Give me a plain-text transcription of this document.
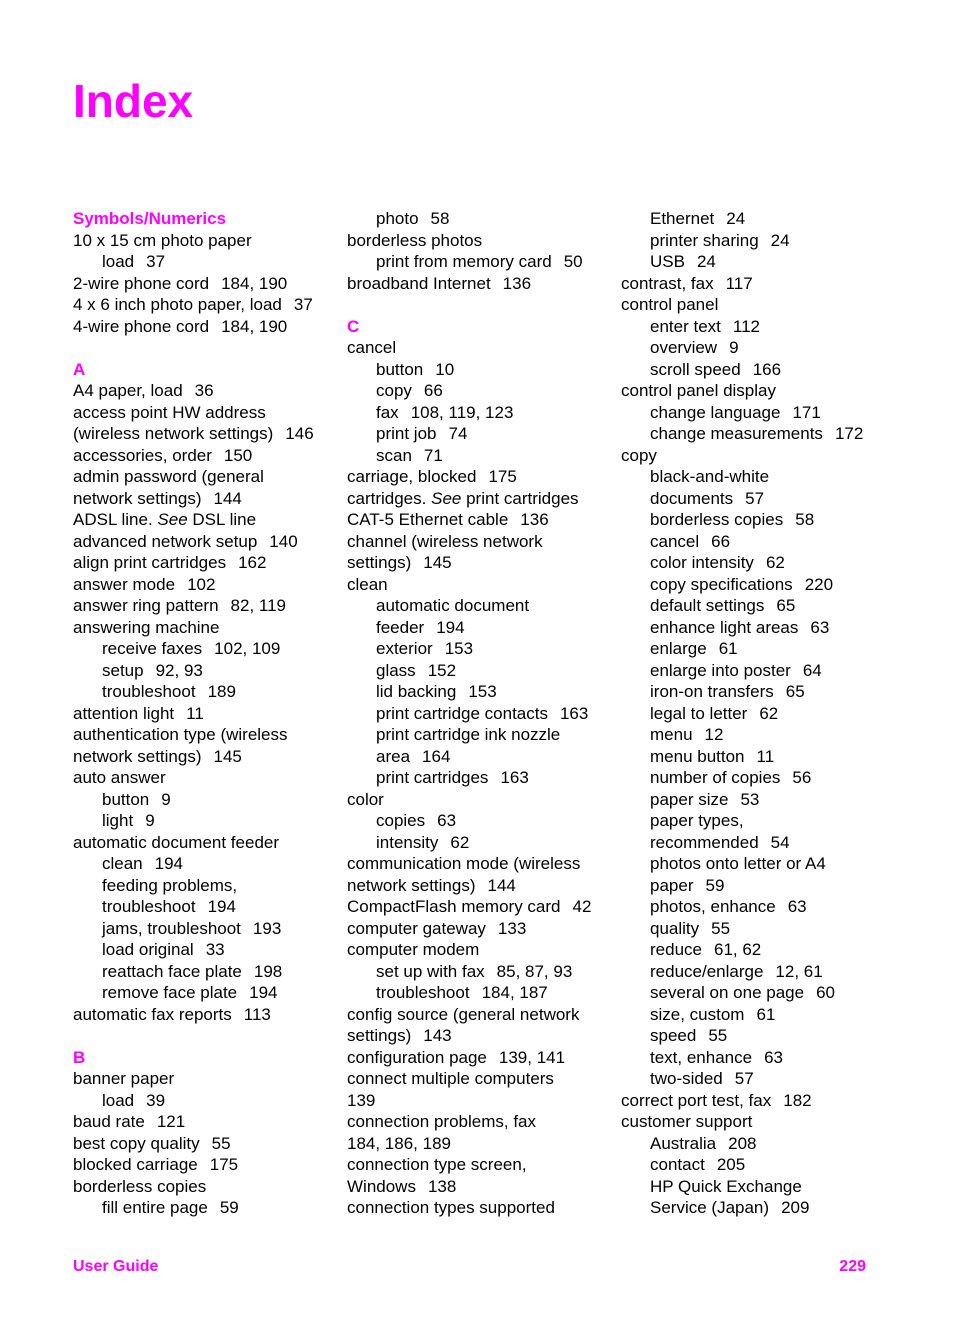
Index
Symbols/Numerics
10 x 15 cm photo paper
load 37
2-wire phone cord 184, 190
4 x 6 inch photo paper, load 37
4-wire phone cord 184, 190
A
A4 paper, load 36
access point HW address
(wireless network settings) 146
accessories, order 150
admin password (general
network settings) 144
ADSL line. See DSL line
advanced network setup 140
align print cartridges 162
answer mode 102
answer ring pattern 82, 119
answering machine
receive faxes 102, 109
setup 92, 93
troubleshoot 189
attention light 11
authentication type (wireless
network settings) 145
auto answer
button 9
light 9
automatic document feeder
clean 194
feeding problems,
troubleshoot 194
jams, troubleshoot 193
load original 33
reattach face plate 198
remove face plate 194
automatic fax reports 113
B
banner paper
load 39
baud rate 121
best copy quality 55
blocked carriage 175
borderless copies
fill entire page 59
photo 58
borderless photos
print from memory card 50
broadband Internet 136
C
cancel
button 10
copy 66
fax 108, 119, 123
print job 74
scan 71
carriage, blocked 175
cartridges. See print cartridges
CAT-5 Ethernet cable 136
channel (wireless network
settings) 145
clean
automatic document
feeder 194
exterior 153
glass 152
lid backing 153
print cartridge contacts 163
print cartridge ink nozzle
area 164
print cartridges 163
color
copies 63
intensity 62
communication mode (wireless
network settings) 144
CompactFlash memory card 42
computer gateway 133
computer modem
set up with fax 85, 87, 93
troubleshoot 184, 187
config source (general network
settings) 143
configuration page 139, 141
connect multiple computers
139
connection problems, fax
184, 186, 189
connection type screen,
Windows 138
connection types supported
Ethernet 24
printer sharing 24
USB 24
contrast, fax 117
control panel
enter text 112
overview 9
scroll speed 166
control panel display
change language 171
change measurements 172
copy
black-and-white
documents 57
borderless copies 58
cancel 66
color intensity 62
copy specifications 220
default settings 65
enhance light areas 63
enlarge 61
enlarge into poster 64
iron-on transfers 65
legal to letter 62
menu 12
menu button 11
number of copies 56
paper size 53
paper types,
recommended 54
photos onto letter or A4
paper 59
photos, enhance 63
quality 55
reduce 61, 62
reduce/enlarge 12, 61
several on one page 60
size, custom 61
speed 55
text, enhance 63
two-sided 57
correct port test, fax 182
customer support
Australia 208
contact 205
HP Quick Exchange
Service (Japan) 209
User Guide	229
